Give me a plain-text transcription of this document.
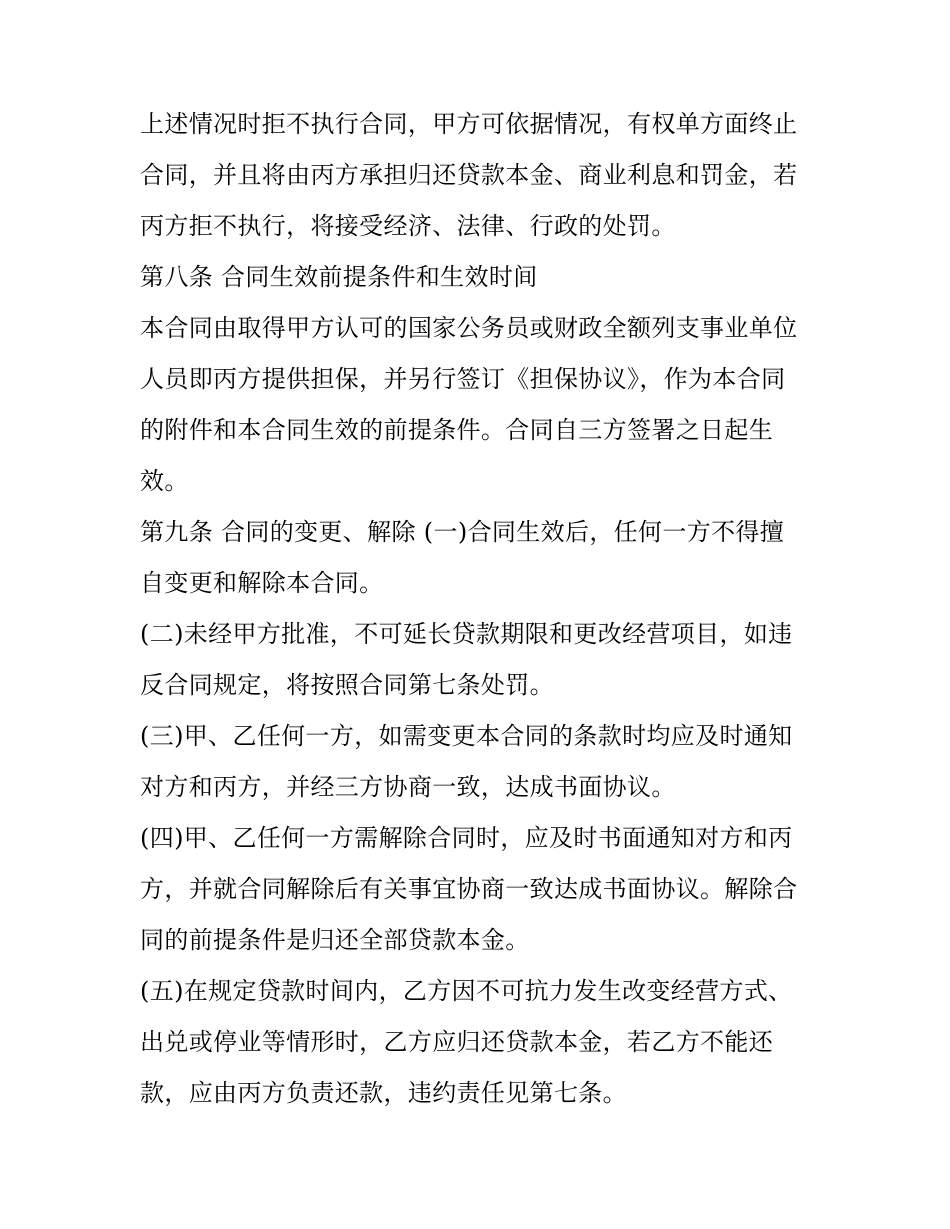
上述情况时拒不执行合同，甲方可依据情况，有权单方面终止
合同，并且将由丙方承担归还贷款本金、商业利息和罚金，若
丙方拒不执行，将接受经济、法律、行政的处罚。
第八条 合同生效前提条件和生效时间
本合同由取得甲方认可的国家公务员或财政全额列支事业单位
人员即丙方提供担保，并另行签订《担保协议》，作为本合同
的附件和本合同生效的前提条件。合同自三方签署之日起生
效。
第九条 合同的变更、解除 (一)合同生效后，任何一方不得擅
自变更和解除本合同。
(二)未经甲方批准，不可延长贷款期限和更改经营项目，如违
反合同规定，将按照合同第七条处罚。
(三)甲、乙任何一方，如需变更本合同的条款时均应及时通知
对方和丙方，并经三方协商一致，达成书面协议。
(四)甲、乙任何一方需解除合同时，应及时书面通知对方和丙
方，并就合同解除后有关事宜协商一致达成书面协议。解除合
同的前提条件是归还全部贷款本金。
(五)在规定贷款时间内，乙方因不可抗力发生改变经营方式、
出兑或停业等情形时，乙方应归还贷款本金，若乙方不能还
款，应由丙方负责还款，违约责任见第七条。
